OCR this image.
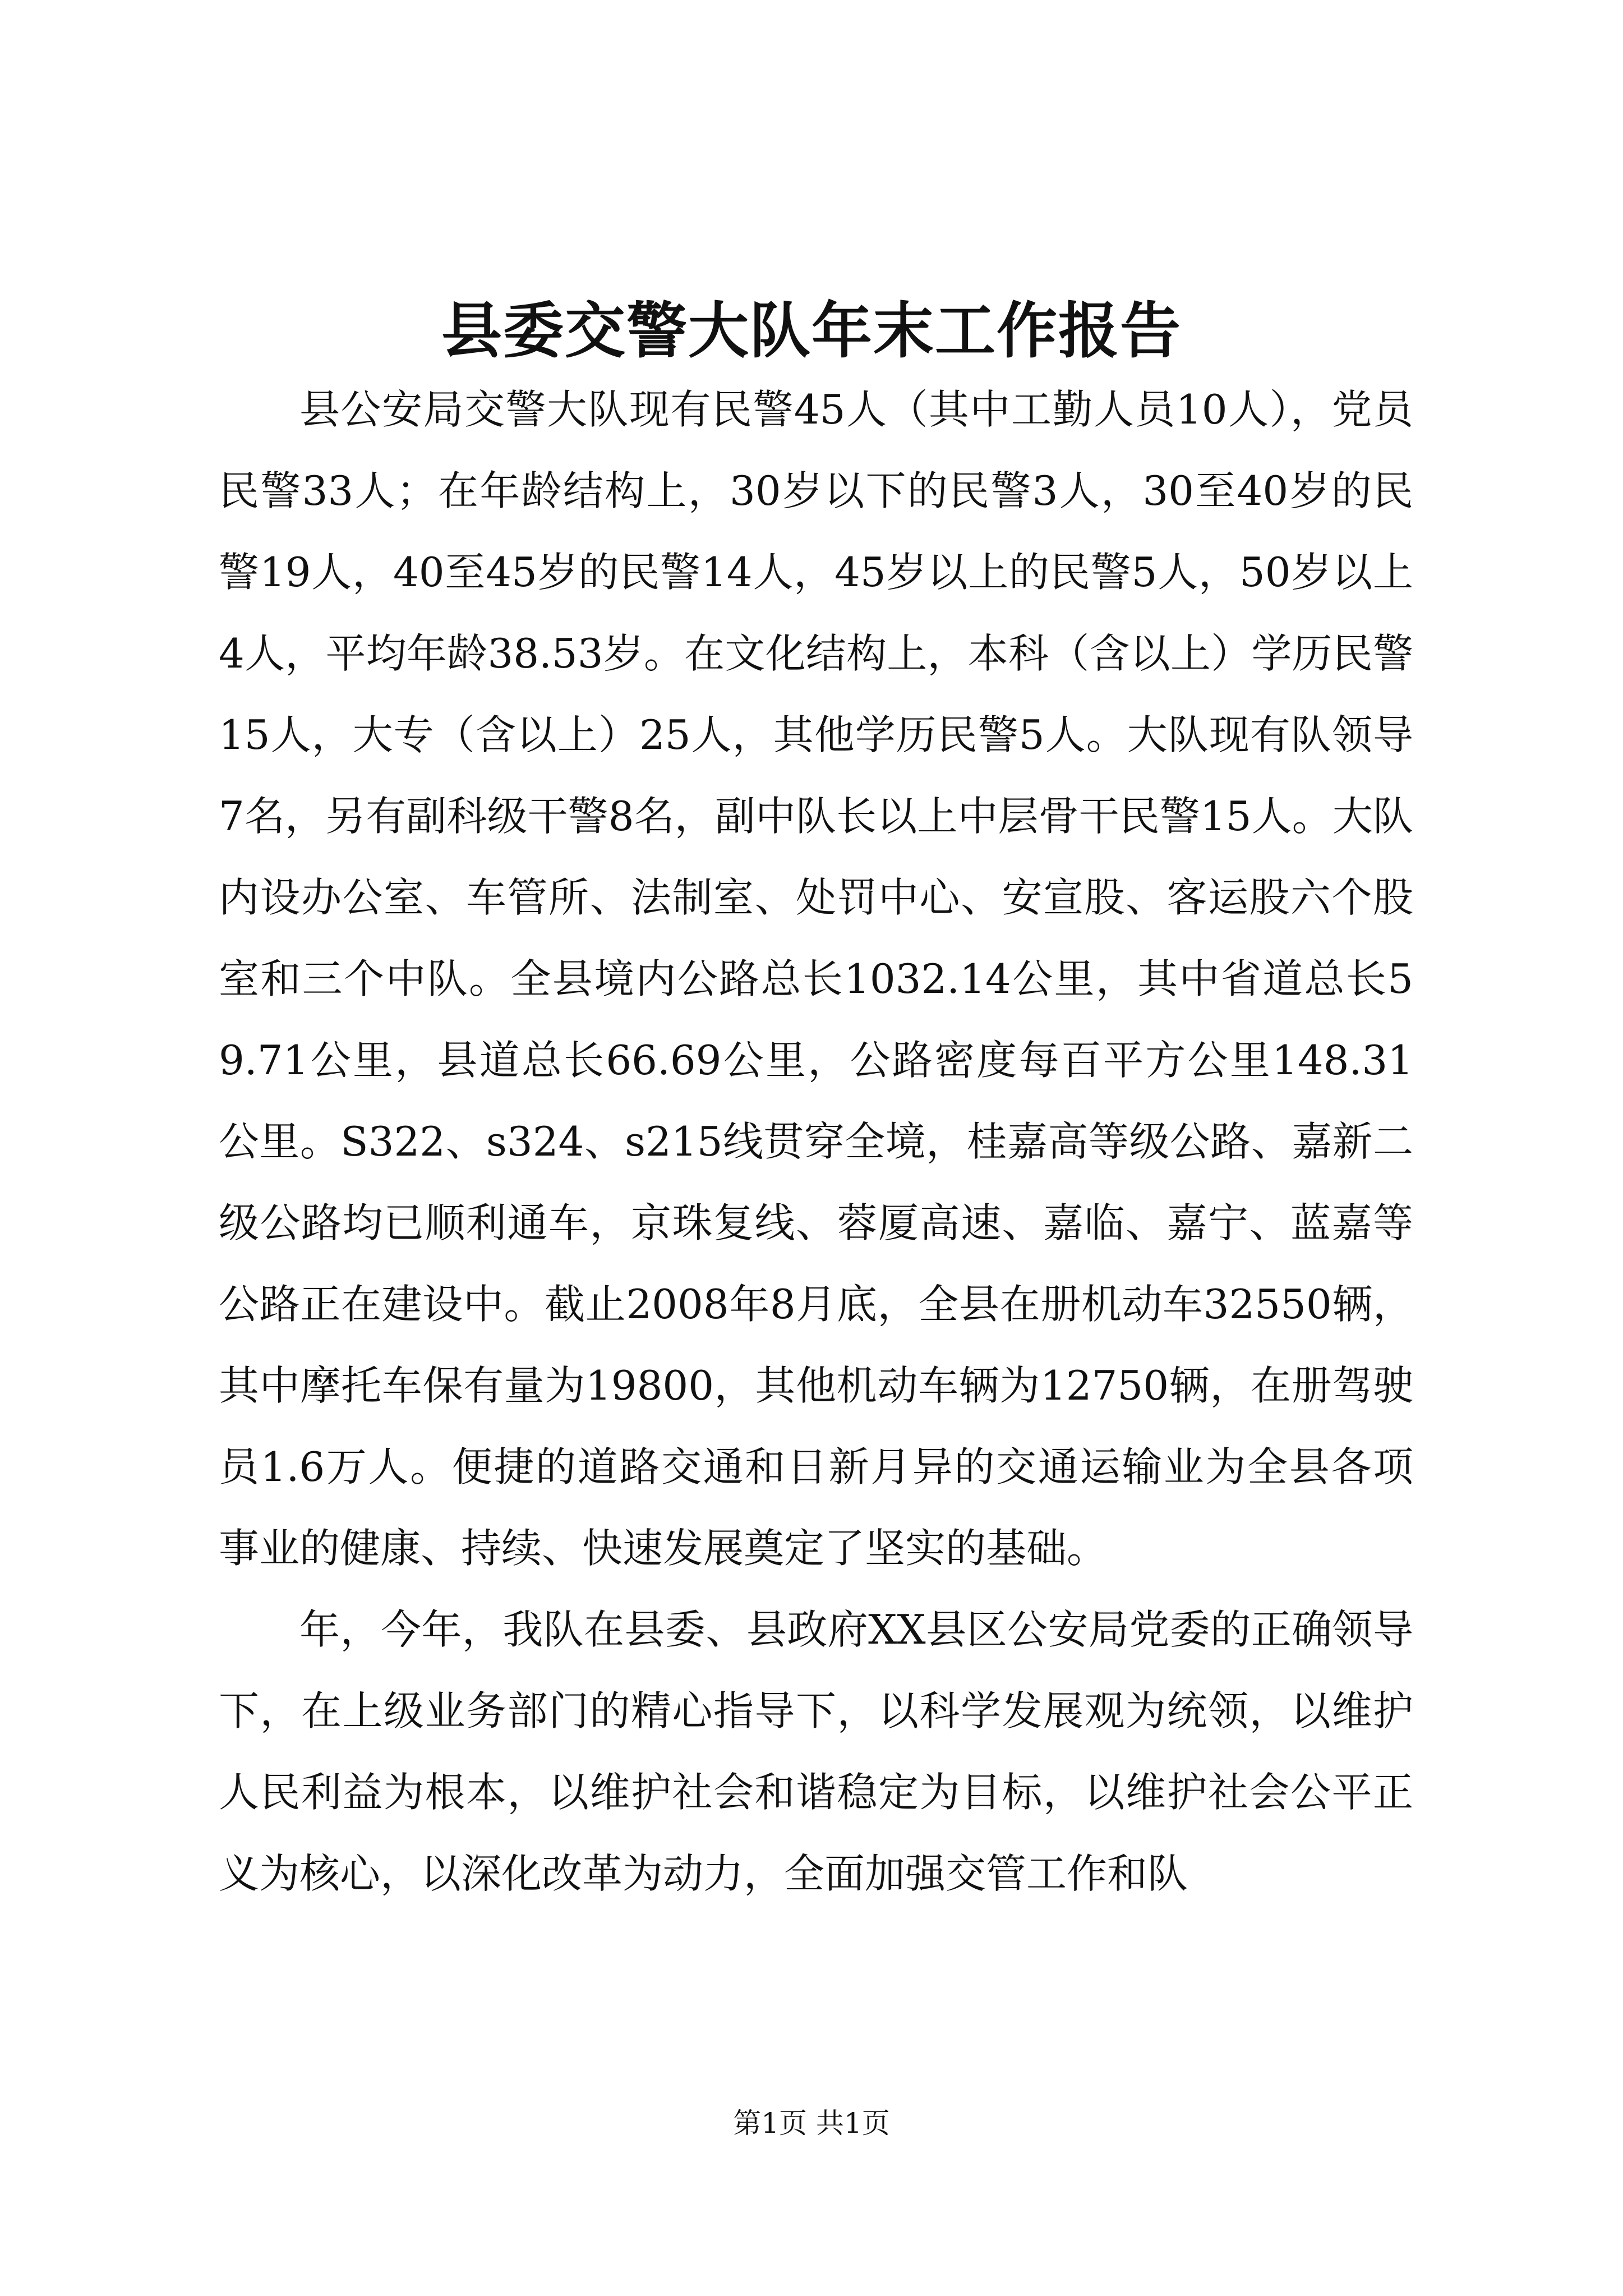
县委交警大队年末工作报告

县公安局交警大队现有民警45人（其中工勤人员10人），党员民警33人；在年龄结构上，30岁以下的民警3人，30至40岁的民警19人，40至45岁的民警14人，45岁以上的民警5人，50岁以上4人，平均年龄38.53岁。在文化结构上，本科（含以上）学历民警15人，大专（含以上）25人，其他学历民警5人。大队现有队领导7名，另有副科级干警8名，副中队长以上中层骨干民警15人。大队内设办公室、车管所、法制室、处罚中心、安宣股、客运股六个股室和三个中队。全县境内公路总长1032.14公里，其中省道总长59.71公里，县道总长66.69公里，公路密度每百平方公里148.31公里。S322、s324、s215线贯穿全境，桂嘉高等级公路、嘉新二级公路均已顺利通车，京珠复线、蓉厦高速、嘉临、嘉宁、蓝嘉等公路正在建设中。截止2008年8月底，全县在册机动车32550辆，其中摩托车保有量为19800，其他机动车辆为12750辆，在册驾驶员1.6万人。便捷的道路交通和日新月异的交通运输业为全县各项事业的健康、持续、快速发展奠定了坚实的基础。

年，今年，我队在县委、县政府XX县区公安局党委的正确领导下，在上级业务部门的精心指导下，以科学发展观为统领，以维护人民利益为根本，以维护社会和谐稳定为目标，以维护社会公平正义为核心，以深化改革为动力，全面加强交管工作和队

第1页 共1页
